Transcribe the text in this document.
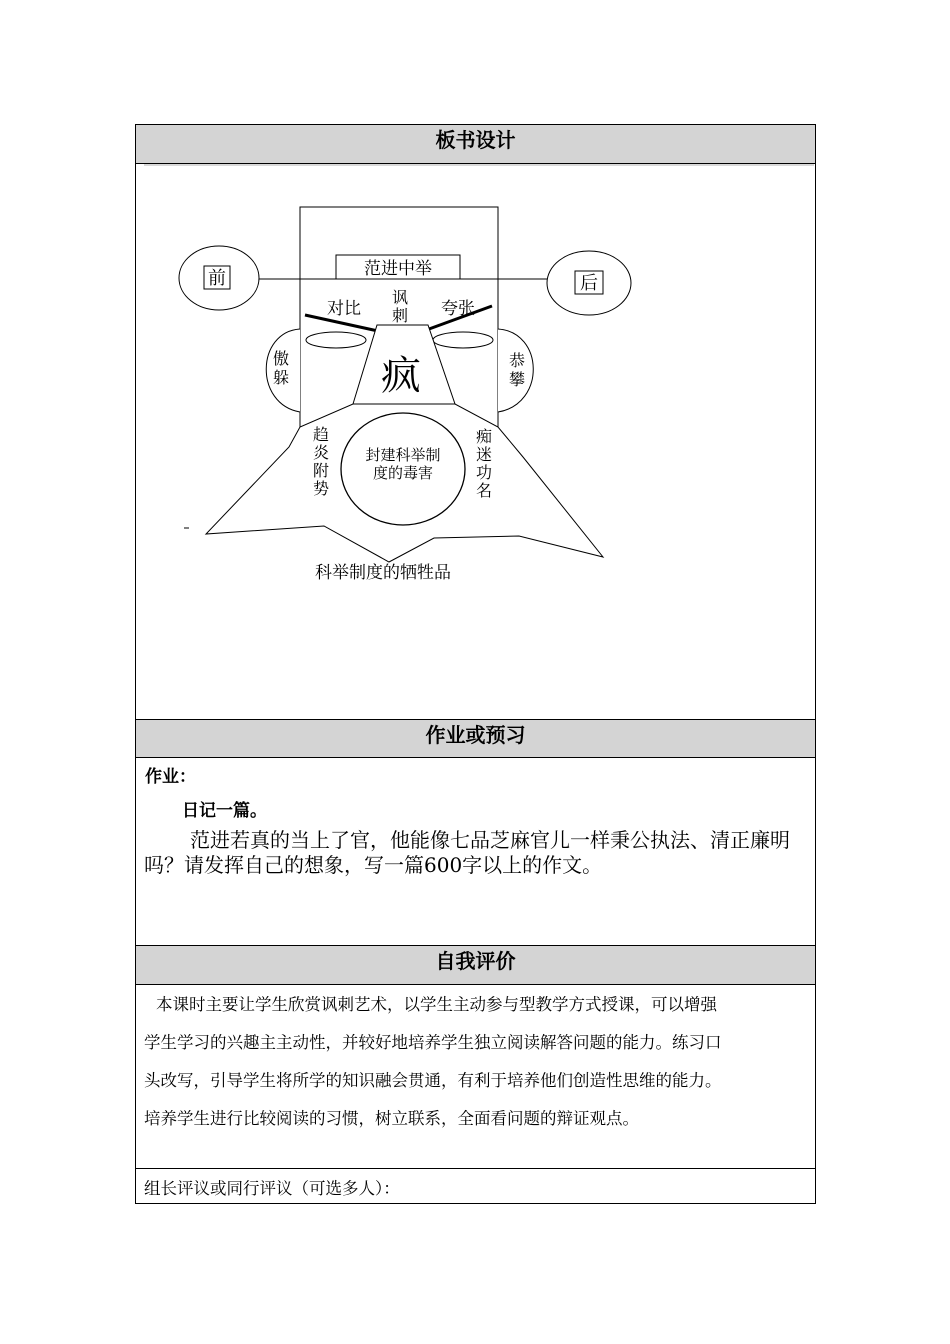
板书设计
前	后
范进中举
对比
讽
刺 夸张
傲
躲
恭
攀
疯
封建科举制
度的毒害
趋
炎
附
势
痴
迷
功
名
科举制度的牺牲品
作业或预习
作业：
日记一篇。
范进若真的当上了官，他能像七品芝麻官儿一样秉公执法、清正廉明吗？请发挥自己的想象，写一篇600字以上的作文。
自我评价
本课时主要让学生欣赏讽刺艺术，以学生主动参与型教学方式授课，可以增强
学生学习的兴趣主主动性，并较好地培养学生独立阅读解答问题的能力。练习口
头改写，引导学生将所学的知识融会贯通，有利于培养他们创造性思维的能力。
培养学生进行比较阅读的习惯，树立联系，全面看问题的辩证观点。
组长评议或同行评议（可选多人）：
